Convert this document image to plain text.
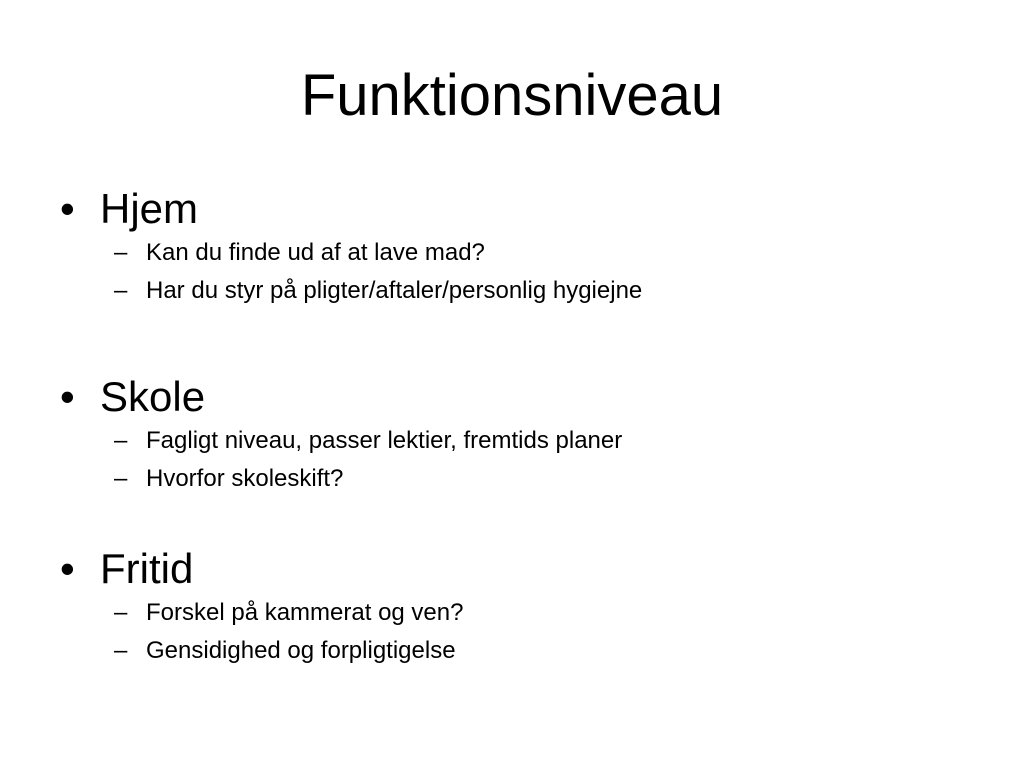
Funktionsniveau
• Hjem
– Kan du finde ud af at lave mad?
– Har du styr på pligter/aftaler/personlig hygiejne
• Skole
– Fagligt niveau, passer lektier, fremtids planer
– Hvorfor skoleskift?
• Fritid
– Forskel på kammerat og ven?
– Gensidighed og forpligtigelse
